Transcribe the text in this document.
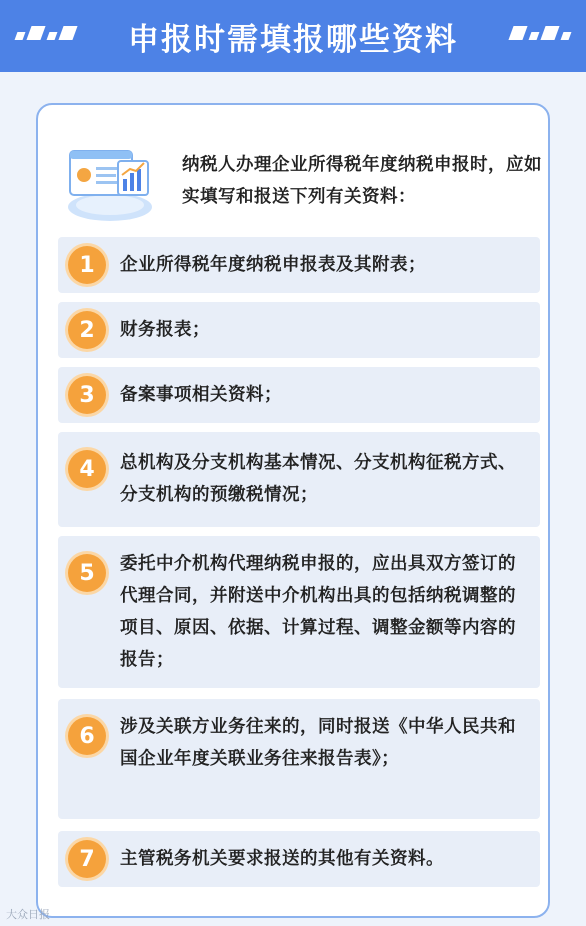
申报时需填报哪些资料
纳税人办理企业所得税年度纳税申报时，应如实填写和报送下列有关资料：
1	企业所得税年度纳税申报表及其附表；
2	财务报表；
3	备案事项相关资料；
4	总机构及分支机构基本情况、分支机构征税方式、分支机构的预缴税情况；
5	委托中介机构代理纳税申报的，应出具双方签订的代理合同，并附送中介机构出具的包括纳税调整的项目、原因、依据、计算过程、调整金额等内容的报告；
6	涉及关联方业务往来的，同时报送《中华人民共和国企业年度关联业务往来报告表》；
7	主管税务机关要求报送的其他有关资料。
大众日报
